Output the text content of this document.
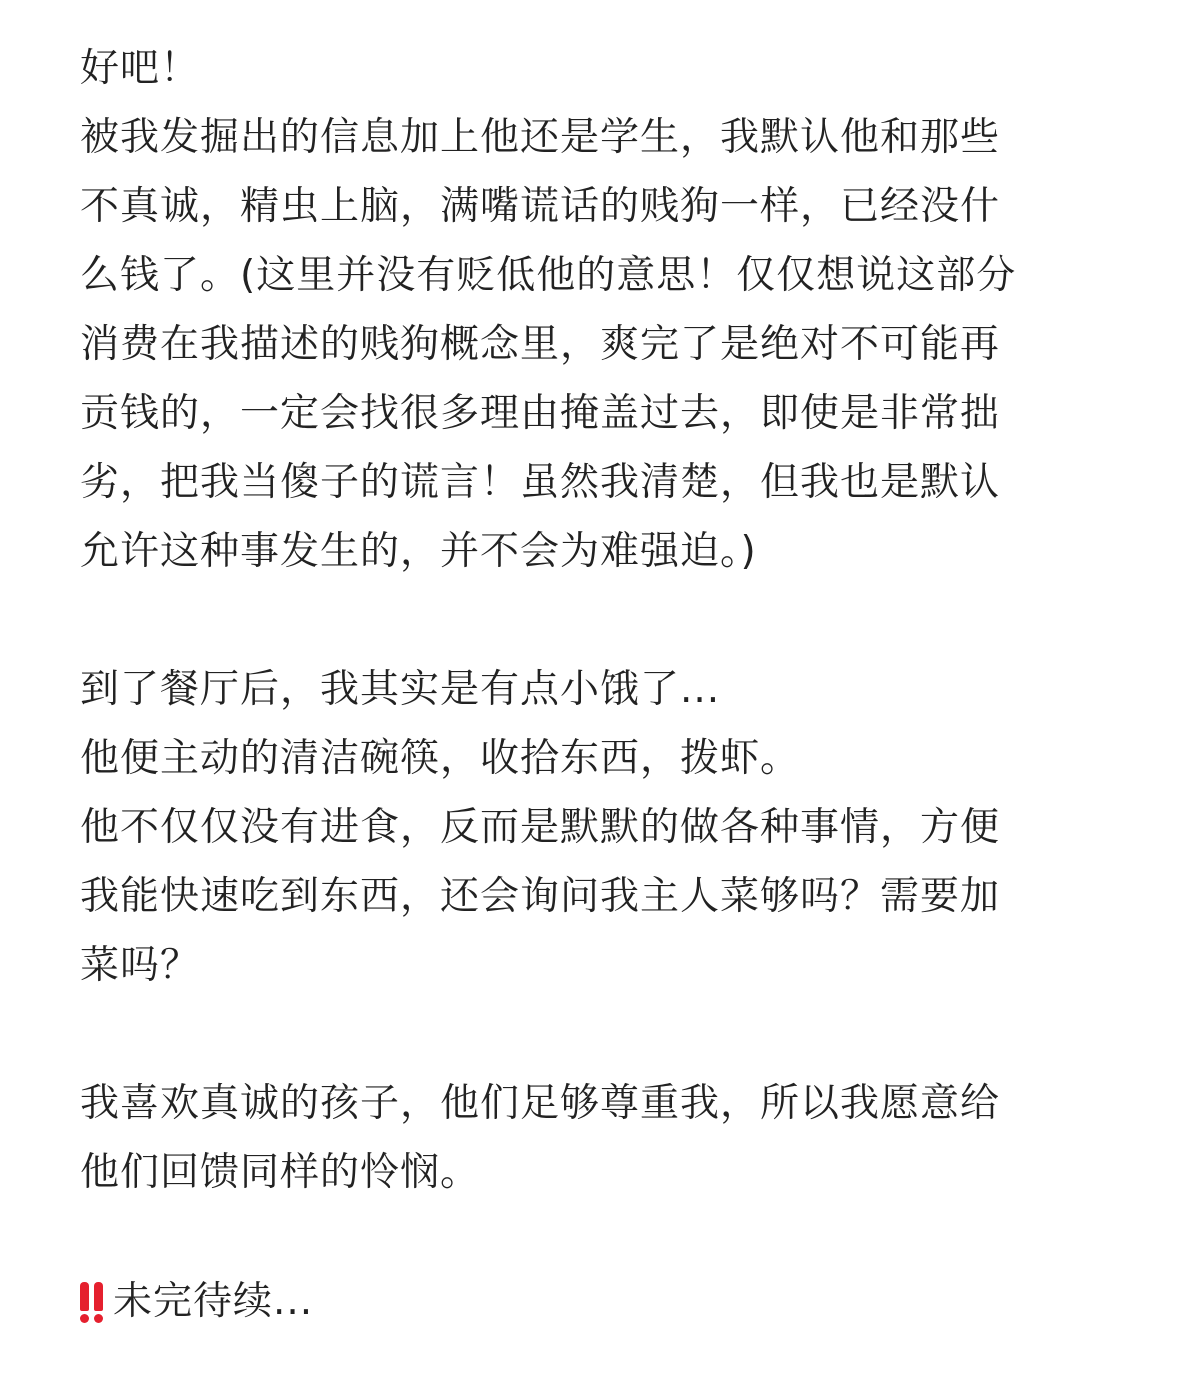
好吧！
被我发掘出的信息加上他还是学生，我默认他和那些
不真诚，精虫上脑，满嘴谎话的贱狗一样，已经没什
么钱了。(这里并没有贬低他的意思！仅仅想说这部分
消费在我描述的贱狗概念里，爽完了是绝对不可能再
贡钱的，一定会找很多理由掩盖过去，即使是非常拙
劣，把我当傻子的谎言！虽然我清楚，但我也是默认
允许这种事发生的，并不会为难强迫。)
到了餐厅后，我其实是有点小饿了...
他便主动的清洁碗筷，收拾东西，拨虾。
他不仅仅没有进食，反而是默默的做各种事情，方便
我能快速吃到东西，还会询问我主人菜够吗？需要加
菜吗？
我喜欢真诚的孩子，他们足够尊重我，所以我愿意给
他们回馈同样的怜悯。
未完待续...
